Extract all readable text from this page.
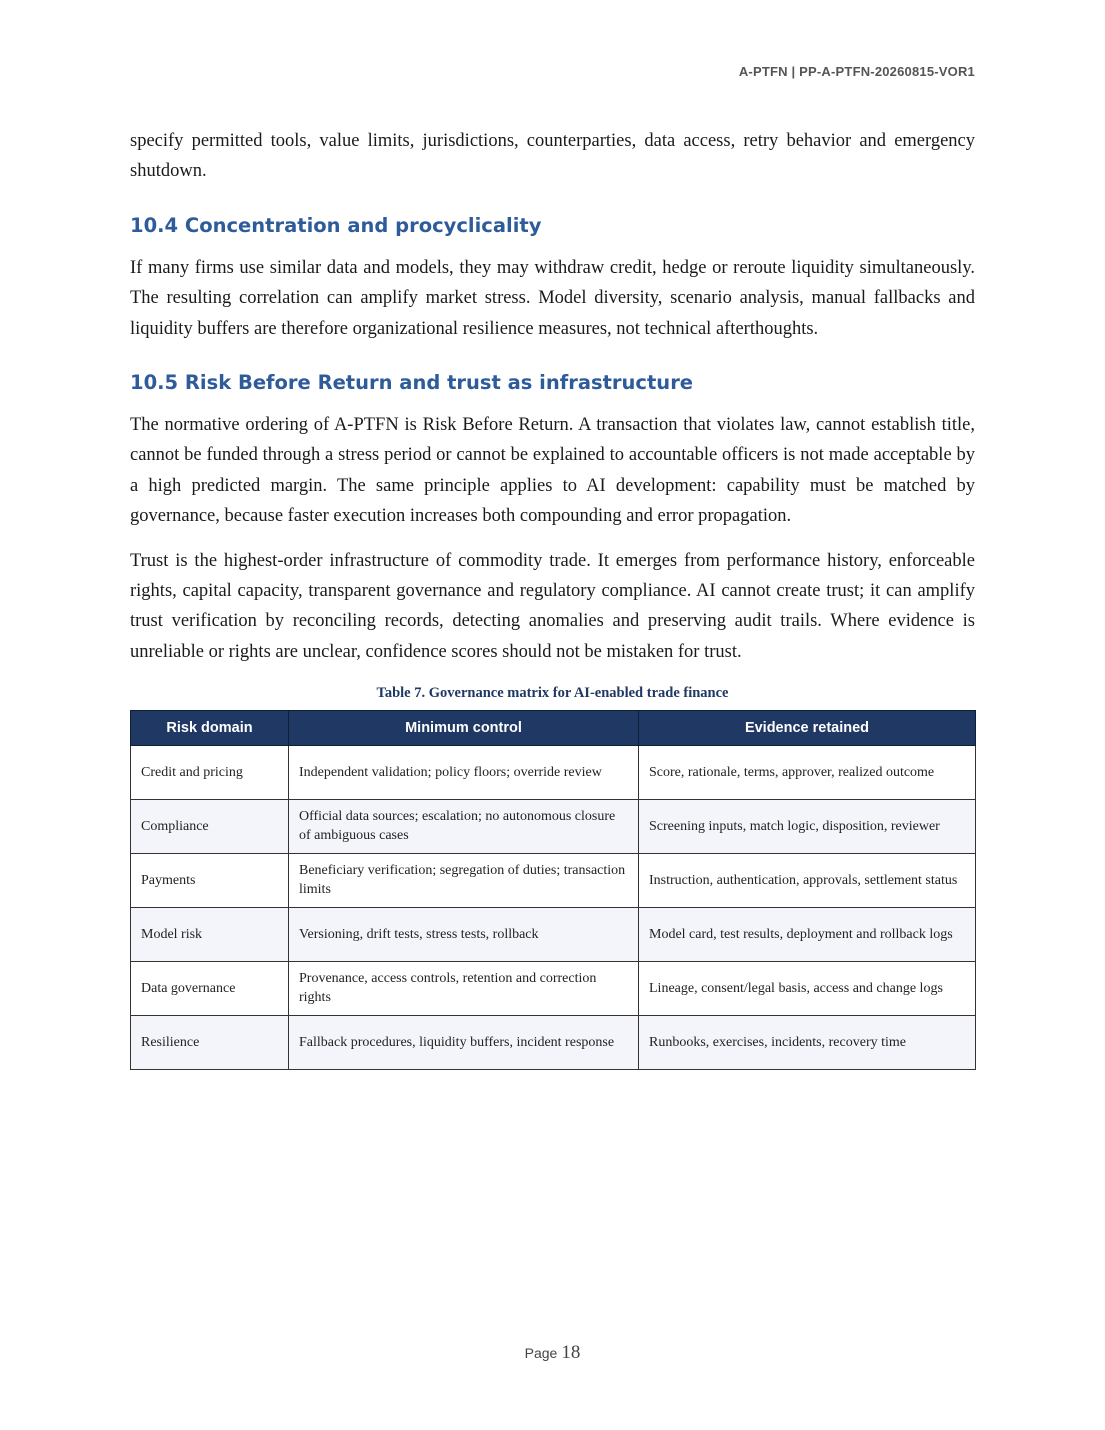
A-PTFN | PP-A-PTFN-20260815-VOR1

specify permitted tools, value limits, jurisdictions, counterparties, data access, retry behavior and emergency shutdown.

10.4 Concentration and procyclicality

If many firms use similar data and models, they may withdraw credit, hedge or reroute liquidity simultaneously. The resulting correlation can amplify market stress. Model diversity, scenario analysis, manual fallbacks and liquidity buffers are therefore organizational resilience measures, not technical afterthoughts.

10.5 Risk Before Return and trust as infrastructure

The normative ordering of A-PTFN is Risk Before Return. A transaction that violates law, cannot establish title, cannot be funded through a stress period or cannot be explained to accountable officers is not made acceptable by a high predicted margin. The same principle applies to AI development: capability must be matched by governance, because faster execution increases both compounding and error propagation.

Trust is the highest-order infrastructure of commodity trade. It emerges from performance history, enforceable rights, capital capacity, transparent governance and regulatory compliance. AI cannot create trust; it can amplify trust verification by reconciling records, detecting anomalies and preserving audit trails. Where evidence is unreliable or rights are unclear, confidence scores should not be mistaken for trust.

Table 7. Governance matrix for AI-enabled trade finance
Risk domain	Minimum control	Evidence retained
Credit and pricing	Independent validation; policy floors; override review	Score, rationale, terms, approver, realized outcome
Compliance	Official data sources; escalation; no autonomous closure of ambiguous cases	Screening inputs, match logic, disposition, reviewer
Payments	Beneficiary verification; segregation of duties; transaction limits	Instruction, authentication, approvals, settlement status
Model risk	Versioning, drift tests, stress tests, rollback	Model card, test results, deployment and rollback logs
Data governance	Provenance, access controls, retention and correction rights	Lineage, consent/legal basis, access and change logs
Resilience	Fallback procedures, liquidity buffers, incident response	Runbooks, exercises, incidents, recovery time
Page 18
